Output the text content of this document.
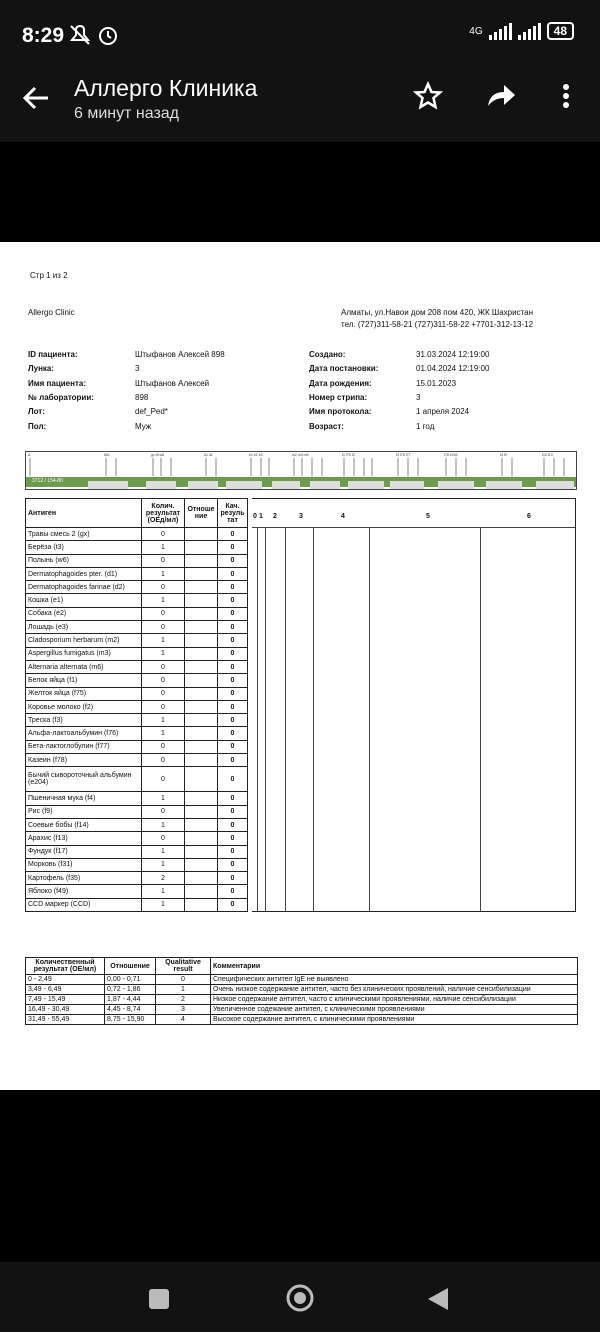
8:29	4G	48
Аллерго Клиника
6 минут назад
Стр 1 из 2
Allergo Clinic	Алматы, ул.Навои дом 208 пом 420, ЖК Шахристан
тел. (727)311-58-21 (727)311-58-22 +7701-312-13-12
ID пациента:	Штыфанов Алексей 898
Лунка:	3
Имя пациента:	Штыфанов Алексей
№ лаборатории:	898
Лот:	def_Ped*
Пол:	Муж
Создано:	31.03.2024 12:19:00
Дата постановки:	01.04.2024 12:19:00
Дата рождения:	15.01.2023
Номер стрипа:	3
Имя протокола:	1 апреля 2024
Возраст:	1 год
A	Mix	gx t3 w6	d1 d2	e1 e2 e3	m2 m3 m6	f1 f75 f2	f3 f76 f77	f78 e204	f4 f9	f14 f13
3712 / 154-80
Антиген	Колич. результат (OEд/мл)	Отноше ние	Кач. резуль тат
Травы смесь 2 (gx)	0		0
Берёза (t3)	1		0
Полынь (w6)	0		0
Dermatophagoides pter. (d1)	1		0
Dermatophagoides farinae (d2)	0		0
Кошка (e1)	1		0
Собака (e2)	0		0
Лошадь (e3)	0		0
Cladosporium herbarum (m2)	1		0
Aspergillus fumigatus (m3)	1		0
Alternaria alternata (m6)	0		0
Белок яйца (f1)	0		0
Желток яйца (f75)	0		0
Коровье молоко (f2)	0		0
Треска (f3)	1		0
Альфа-лактоальбумин (f76)	1		0
Бета-лактоглобулин (f77)	0		0
Казеин (f78)	0		0
Бычий сывороточный альбумин (e204)	0		0
Пшеничная мука (f4)	1		0
Рис (f9)	0		0
Соевые бобы (f14)	1		0
Арахис (f13)	0		0
Фундук (f17)	1		0
Морковь (f31)	1		0
Картофель (f35)	2		0
Яблоко (f49)	1		0
CCD маркер (CCD)	1		0
0 1 2	3	4	5	6
Количественный результат (OE/мл)	Отношение	Qualitative result	Комментарии
0 - 2,49	0,00 - 0,71	0	Специфических антител IgE не выявлено
3,49 - 6,49	0,72 - 1,86	1	Очень низкое содержание антител, часто без клинических проявлений, наличие сенсибилизации
7,49 - 15,49	1,87 - 4,44	2	Низкое содержание антител, часто с клиническими проявлениями, наличие сенсибилизации
16,49 - 30,49	4,45 - 8,74	3	Увеличенное содежание антител, с клиническими проявлениями
31,49 - 55,49	8,75 - 15,90	4	Высокое содержание антител, с клиническими проявлениями
